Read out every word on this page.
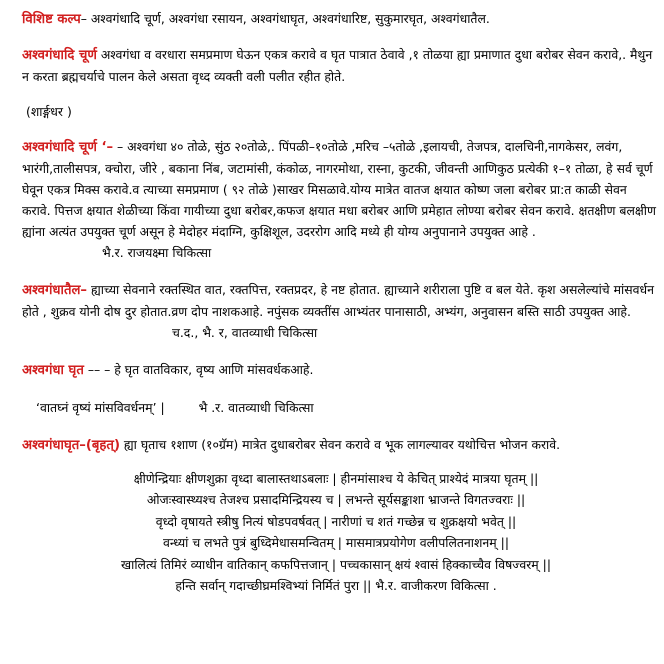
विशिष्ट कल्प– अश्वगंधादि चूर्ण, अश्वगंधा रसायन, अश्वगंधाघृत, अश्वगंधारिष्ट, सुकुमारघृत, अश्वगंधातैल.

अश्वगंधादि चूर्ण अश्वगंधा व वरधारा समप्रमाण घेऊन एकत्र करावे व घृत पात्रात ठेवावे ,१ तोळया ह्या प्रमाणात दुधा बरोबर सेवन करावे,. मैथुन न करता ब्रह्मचर्याचे पालन केले असता वृध्द व्यक्ती वली पलीत रहीत होते.

(शार्ङ्गधर )

अश्वगंधादि चूर्ण ‘– – अश्वगंधा ४० तोळे, सुंठ २०तोळे,. पिंपळी–१०तोळे ,मरिच –५तोळे ,इलायची, तेजपत्र, दालचिनी,नागकेसर, लवंग, भारंगी,तालीसपत्र, क्चोरा, जीरे , बकाना निंब, जटामांसी, कंकोळ, नागरमोथा, रास्ना, कुटकी, जीवन्ती आणिकुठ प्रत्येकी १–१ तोळा, हे सर्व चूर्ण घेवून एकत्र मिक्स करावे.व त्याच्या समप्रमाण ( ९२ तोळे )साखर मिसळावे.योग्य मात्रेत वातज क्षयात कोष्ण जला बरोबर प्रा:त काळी सेवन करावे. पित्तज क्षयात शेळीच्या किंवा गायीच्या दुधा बरोबर,कफज क्षयात मधा बरोबर आणि प्रमेहात लोण्या बरोबर सेवन करावे. क्षतक्षीण बलक्षीण ह्यांना अत्यंत उपयुक्त चूर्ण असून हे मेदोहर मंदाग्नि, कुक्षिशूल, उदररोग आदि मध्ये ही योग्य अनुपानाने उपयुक्त आहे . भै.र. राजयक्ष्मा चिकित्सा

अश्वगंधातैल– ह्याच्या सेवनाने रक्तस्थित वात, रक्तपित्त, रक्तप्रदर, हे नष्ट होतात. ह्याच्याने शरीराला पुष्टि व बल येते. कृश असलेल्यांचे मांसवर्धन होते , शुक्रव योनी दोष दुर होतात.व्रण दोप नाशकआहे. नपुंसक व्यक्तींस आभ्यंतर पानासाठी, अभ्यंग, अनुवासन बस्ति साठी उपयुक्त आहे. च.द., भै. र, वातव्याधी चिकित्सा

अश्वगंधा घृत –– – हे घृत वातविकार, वृष्य आणि मांसवर्धकआहे.

‘वातघ्नं वृष्यं मांसविवर्धनम्’ |	भै .र. वातव्याधी चिकित्सा

अश्वगंधाघृत–(बृहत्) ह्या घृताच १शाण (१०ग्रॅम) मात्रेत दुधाबरोबर सेवन करावे व भूक लागल्यावर यथोचित्त भोजन करावे.

क्षीणेन्द्रियाः क्षीणशुक्रा वृध्दा बालास्तथाऽबलाः | हीनमांसाश्च ये केचित् प्राश्येदं मात्रया घृतम् ||

ओजःस्वास्थ्यश्च तेजश्च प्रसादमिन्द्रियस्य च | लभन्ते सूर्यसङ्काशा भ्राजन्ते विगतज्वराः ||

वृध्दो वृषायते स्त्रीषु नित्यं षोडपवर्षवत् | नारीणां च शतं गच्छेन्न च शुक्रक्षयो भवेत् ||

वन्ध्यां च लभते पुत्रं बुध्दिमेधासमन्वितम् | मासमात्रप्रयोगेण वलीपलितनाशनम् ||

खालित्यं तिमिरं व्याधीन वातिकान् कफपित्तजान् | पच्चकासान् क्षयं श्वासं हिक्काच्चैव विषज्वरम् ||

हन्ति सर्वान् गदाच्छीघ्रमश्विभ्यां निर्मितं पुरा || भै.र. वाजीकरण विकित्सा .
